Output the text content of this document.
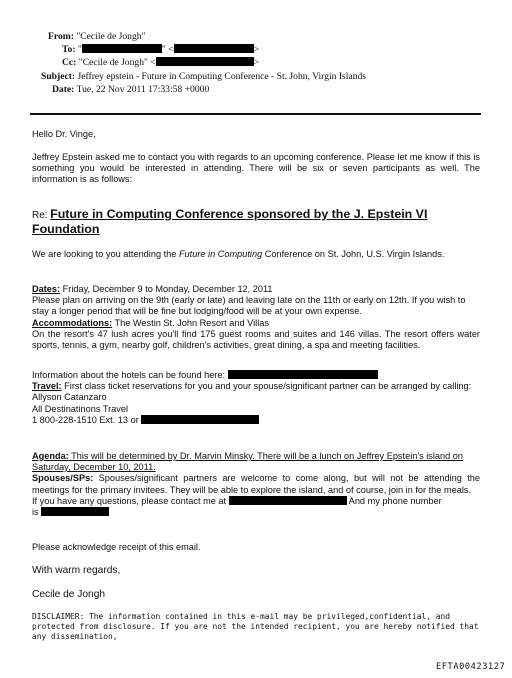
From: "Cecile de Jongh"
To: "	" <	>
Cc: "Cecile de Jongh" <	>
Subject: Jeffrey epstein - Future in Computing Conference - St. John, Virgin Islands
Date: Tue, 22 Nov 2011 17:33:58 +0000
Hello Dr. Vinge,
Jeffrey Epstein asked me to contact you with regards to an upcoming conference. Please let me know if this is something you would be interested in attending. There will be six or seven participants as well. The information is as follows:
Re: Future in Computing Conference sponsored by the J. Epstein VI Foundation
We are looking to you attending the Future in Computing Conference on St. John, U.S. Virgin Islands.
Dates: Friday, December 9 to Monday, December 12, 2011
Please plan on arriving on the 9th (early or late) and leaving late on the 11th or early on 12th. If you wish to stay a longer period that will be fine but lodging/food will be at your own expense.
Accommodations: The Westin St. John Resort and Villas
On the resort's 47 lush acres you'll find 175 guest rooms and suites and 146 villas. The resort offers water sports, tennis, a gym, nearby golf, children's activities, great dining, a spa and meeting facilities.
Information about the hotels can be found here:
Travel: First class ticket reservations for you and your spouse/significant partner can be arranged by calling:
Allyson Catanzaro
All Destinatinons Travel
1 800-228-1510 Ext. 13 or
Agenda: This will be determined by Dr. Marvin Minsky. There will be a lunch on Jeffrey Epstein's island on Saturday, December 10, 2011.
Spouses/SPs: Spouses/significant partners are welcome to come along, but will not be attending the meetings for the primary invitees. They will be able to explore the island, and of course, join in for the meals.
If you have any questions, please contact me at	And my phone number
is
Please acknowledge receipt of this email.
With warm regards,
Cecile de Jongh
DISCLAIMER: The information contained in this e-mail may be privileged,confidential, and protected from disclosure. If you are not the intended recipient, you are hereby notified that any dissemination,
EFTA00423127
